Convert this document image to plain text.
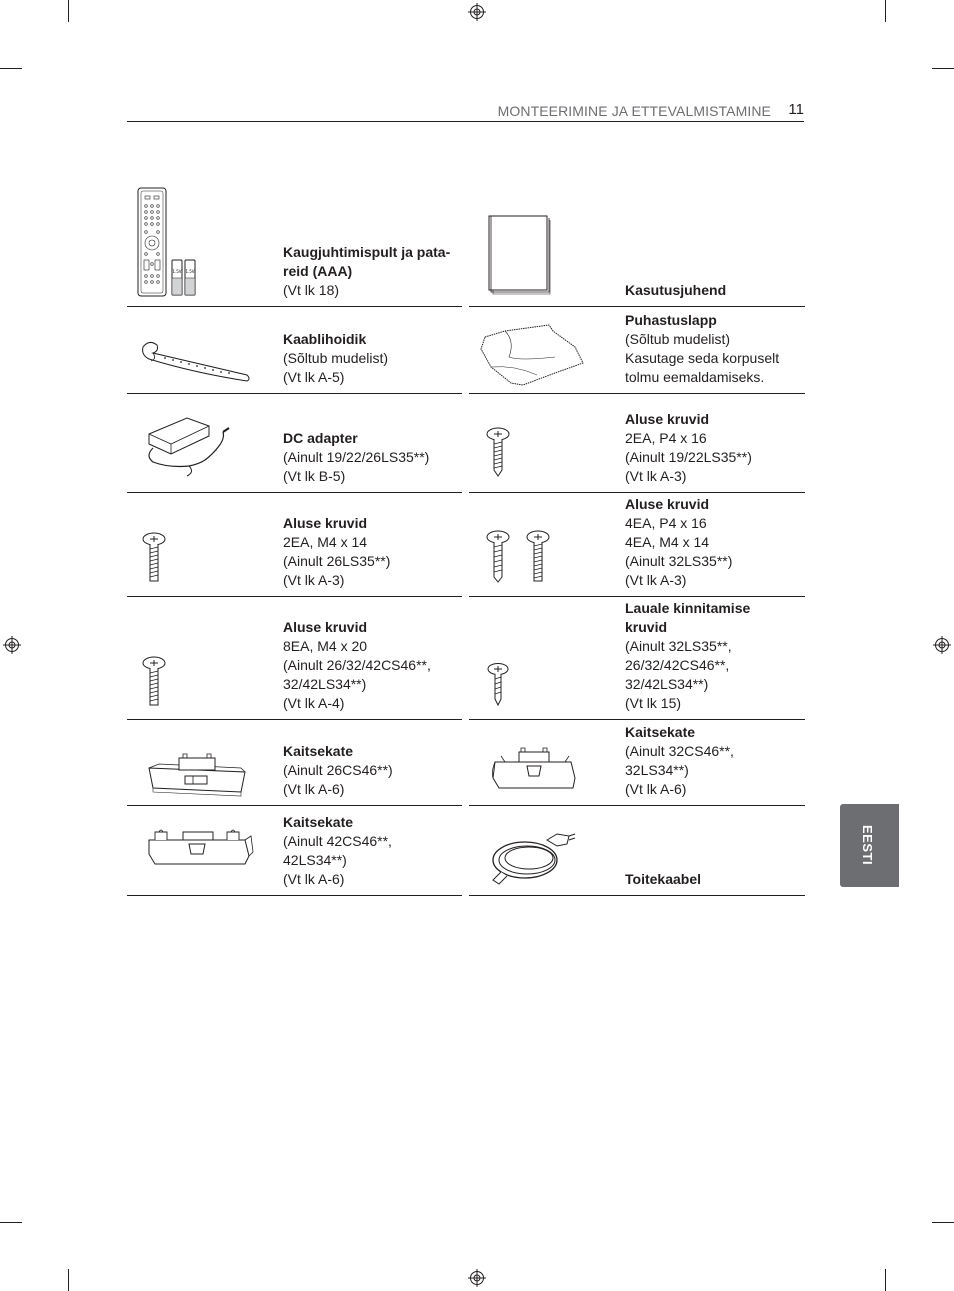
MONTEERIMINE JA ETTEVALMISTAMINE 11
1.5V 1.5V
Kaugjuhtimispult ja pata-
reid (AAA)
(Vt lk 18)	Kasutusjuhend
Kaablihoidik
(Sõltub mudelist)
(Vt lk A-5)
Puhastuslapp
(Sõltub mudelist)
Kasutage seda korpuselt
tolmu eemaldamiseks.
DC adapter
(Ainult 19/22/26LS35**)
(Vt lk B-5)
Aluse kruvid
2EA, P4 x 16
(Ainult 19/22LS35**)
(Vt lk A-3)
Aluse kruvid
2EA, M4 x 14
(Ainult 26LS35**)
(Vt lk A-3)
Aluse kruvid
4EA, P4 x 16
4EA, M4 x 14
(Ainult 32LS35**)
(Vt lk A-3)
Aluse kruvid
8EA, M4 x 20
(Ainult 26/32/42CS46**,
32/42LS34**)
(Vt lk A-4)
Lauale kinnitamise
kruvid
(Ainult 32LS35**,
26/32/42CS46**,
32/42LS34**)
(Vt lk 15)
Kaitsekate
(Ainult 26CS46**)
(Vt lk A-6)
Kaitsekate
(Ainult 32CS46**,
32LS34**)
(Vt lk A-6)
Kaitsekate
(Ainult 42CS46**,
42LS34**)
(Vt lk A-6)	Toitekaabel
EESTI
